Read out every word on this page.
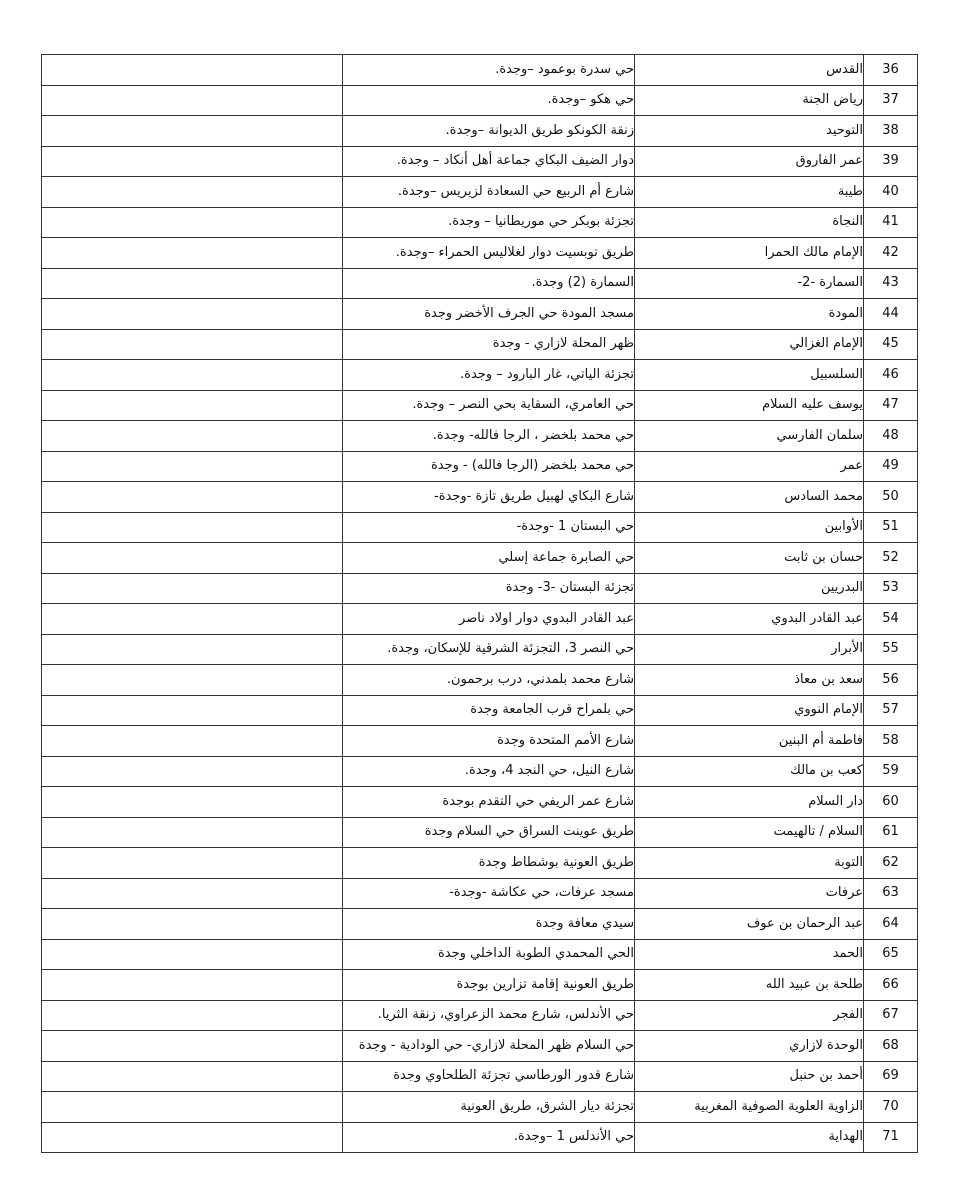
	حي سدرة بوعمود –وجدة.	القدس	36
	حي هكو –وجدة.	رياض الجنة	37
	زنقة الكونكو طريق الديوانة –وجدة.	التوحيد	38
	دوار الضيف البكاي جماعة أهل أنكاد – وجدة.	عمر الفاروق	39
	شارع أم الربيع حي السعادة لزيريس –وجدة.	طيبة	40
	تجزئة بوبكر حي موريطانيا – وجدة.	النجاة	41
	طريق توبسيت دوار لغلاليس الحمراء –وجدة.	الإمام مالك الحمرا	42
	السمارة (2) وجدة.	السمارة -2-	43
	مسجد المودة حي الجرف الأخضر وجدة	المودة	44
	ظهر المحلة لازاري - وجدة	الإمام الغزالي	45
	تجزئة الياتي، غار البارود – وجدة.	السلسبيل	46
	حي العامري، السقاية بحي النصر – وجدة.	يوسف عليه السلام	47
	حي محمد بلخضر ، الرجا فالله- وجدة.	سلمان الفارسي	48
	حي محمد بلخضر (الرجا فالله) - وجدة	عمر	49
	شارع البكاي لهبيل طريق تازة -وجدة-	محمد السادس	50
	حي البستان 1 -وجدة-	الأوابين	51
	حي الصابرة جماعة إسلي	حسان بن ثابت	52
	تجزئة البستان -3- وجدة	البدريين	53
	عبد القادر البدوي دوار اولاد ناصر	عبد القادر البدوي	54
	حي النصر 3، التجزئة الشرقية للإسكان، وجدة.	الأبرار	55
	شارع محمد بلمدني، درب برحمون.	سعد بن معاذ	56
	حي بلمراح قرب الجامعة وجدة	الإمام النووي	57
	شارع الأمم المتحدة وجدة	فاطمة أم البنين	58
	شارع النيل، حي النجد 4، وجدة.	كعب بن مالك	59
	شارع عمر الريفي حي التقدم بوجدة	دار السلام	60
	طريق عوينت السراق حي السلام وجدة	السلام / تالهيمت	61
	طريق العونية بوشطاط وجدة	التوبة	62
	مسجد عرفات، حي عكاشة -وجدة-	عرفات	63
	سيدي معافة وجدة	عبد الرحمان بن عوف	64
	الحي المحمدي الطوبة الداخلي وجدة	الحمد	65
	طريق العونية إقامة تزارين بوجدة	طلحة بن عبيد الله	66
	حي الأندلس، شارع محمد الزعراوي، زنقة الثريا.	الفجر	67
	حي السلام ظهر المحلة لازاري- حي الودادية - وجدة	الوحدة لازاري	68
	شارع قدور الورطاسي تجزئة الطلحاوي وجدة	أحمد بن حنبل	69
	تجزئة ديار الشرق، طريق العونية	الزاوية العلوية الصوفية المغربية	70
	حي الأندلس 1 –وجدة.	الهداية	71
